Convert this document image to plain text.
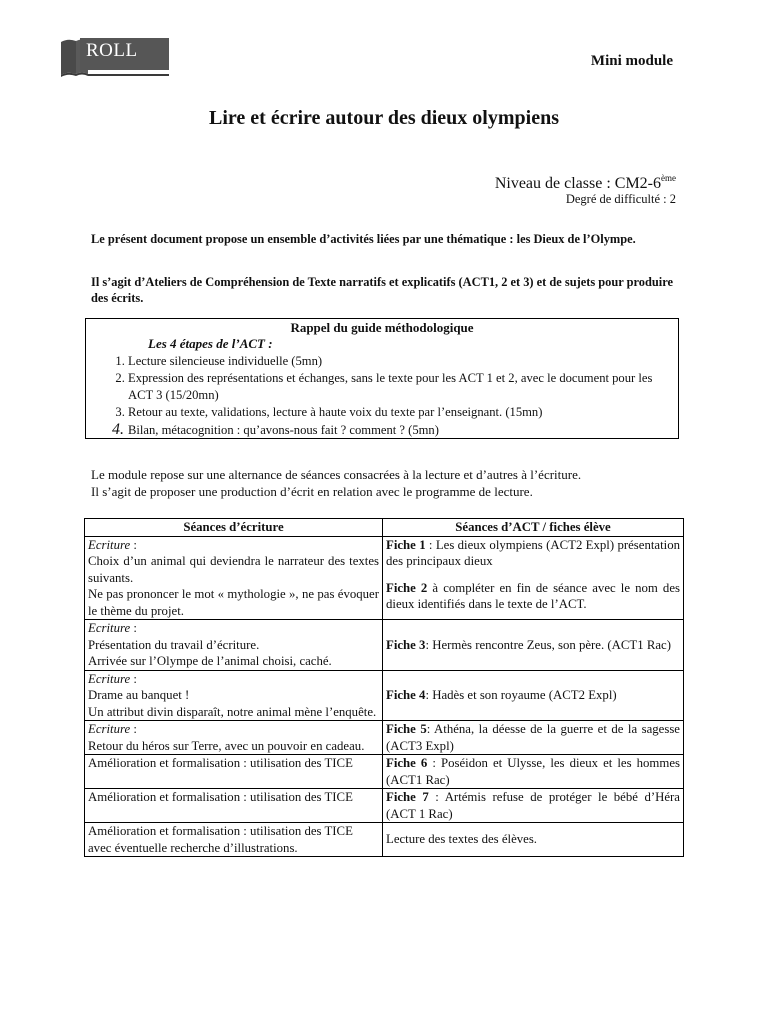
ROLL	Mini module
Lire et écrire autour des dieux olympiens
Niveau de classe : CM2-6ème
Degré de difficulté : 2

Le présent document propose un ensemble d’activités liées par une thématique : les Dieux de l’Olympe.

Il s’agit d’Ateliers de Compréhension de Texte narratifs et explicatifs (ACT1, 2 et 3) et de sujets pour produire des écrits.

Rappel du guide méthodologique
Les 4 étapes de l’ACT :
1. Lecture silencieuse individuelle (5mn)
2. Expression des représentations et échanges, sans le texte pour les ACT 1 et 2, avec le document pour les ACT 3 (15/20mn)
3. Retour au texte, validations, lecture à haute voix du texte par l’enseignant. (15mn)
4. Bilan, métacognition : qu’avons-nous fait ? comment ? (5mn)
Le module repose sur une alternance de séances consacrées à la lecture et d’autres à l’écriture.
Il s’agit de proposer une production d’écrit en relation avec le programme de lecture.
Séances d’écriture	Séances d’ACT / fiches élève
Ecriture :
Choix d’un animal qui deviendra le narrateur des textes suivants.
Ne pas prononcer le mot « mythologie », ne pas évoquer le thème du projet.	Fiche 1 : Les dieux olympiens (ACT2 Expl) présentation des principaux dieux
Fiche 2 à compléter en fin de séance avec le nom des dieux identifiés dans le texte de l’ACT.
Ecriture :
Présentation du travail d’écriture.
Arrivée sur l’Olympe de l’animal choisi, caché.	Fiche 3: Hermès rencontre Zeus, son père. (ACT1 Rac)
Ecriture :
Drame au banquet !
Un attribut divin disparaît, notre animal mène l’enquête.	Fiche 4: Hadès et son royaume (ACT2 Expl)
Ecriture :
Retour du héros sur Terre, avec un pouvoir en cadeau.	Fiche 5: Athéna, la déesse de la guerre et de la sagesse (ACT3 Expl)
Amélioration et formalisation : utilisation des TICE	Fiche 6 : Poséidon et Ulysse, les dieux et les hommes (ACT1 Rac)
Amélioration et formalisation : utilisation des TICE	Fiche 7 : Artémis refuse de protéger le bébé d’Héra (ACT 1 Rac)
Amélioration et formalisation : utilisation des TICE avec éventuelle recherche d’illustrations.	Lecture des textes des élèves.
